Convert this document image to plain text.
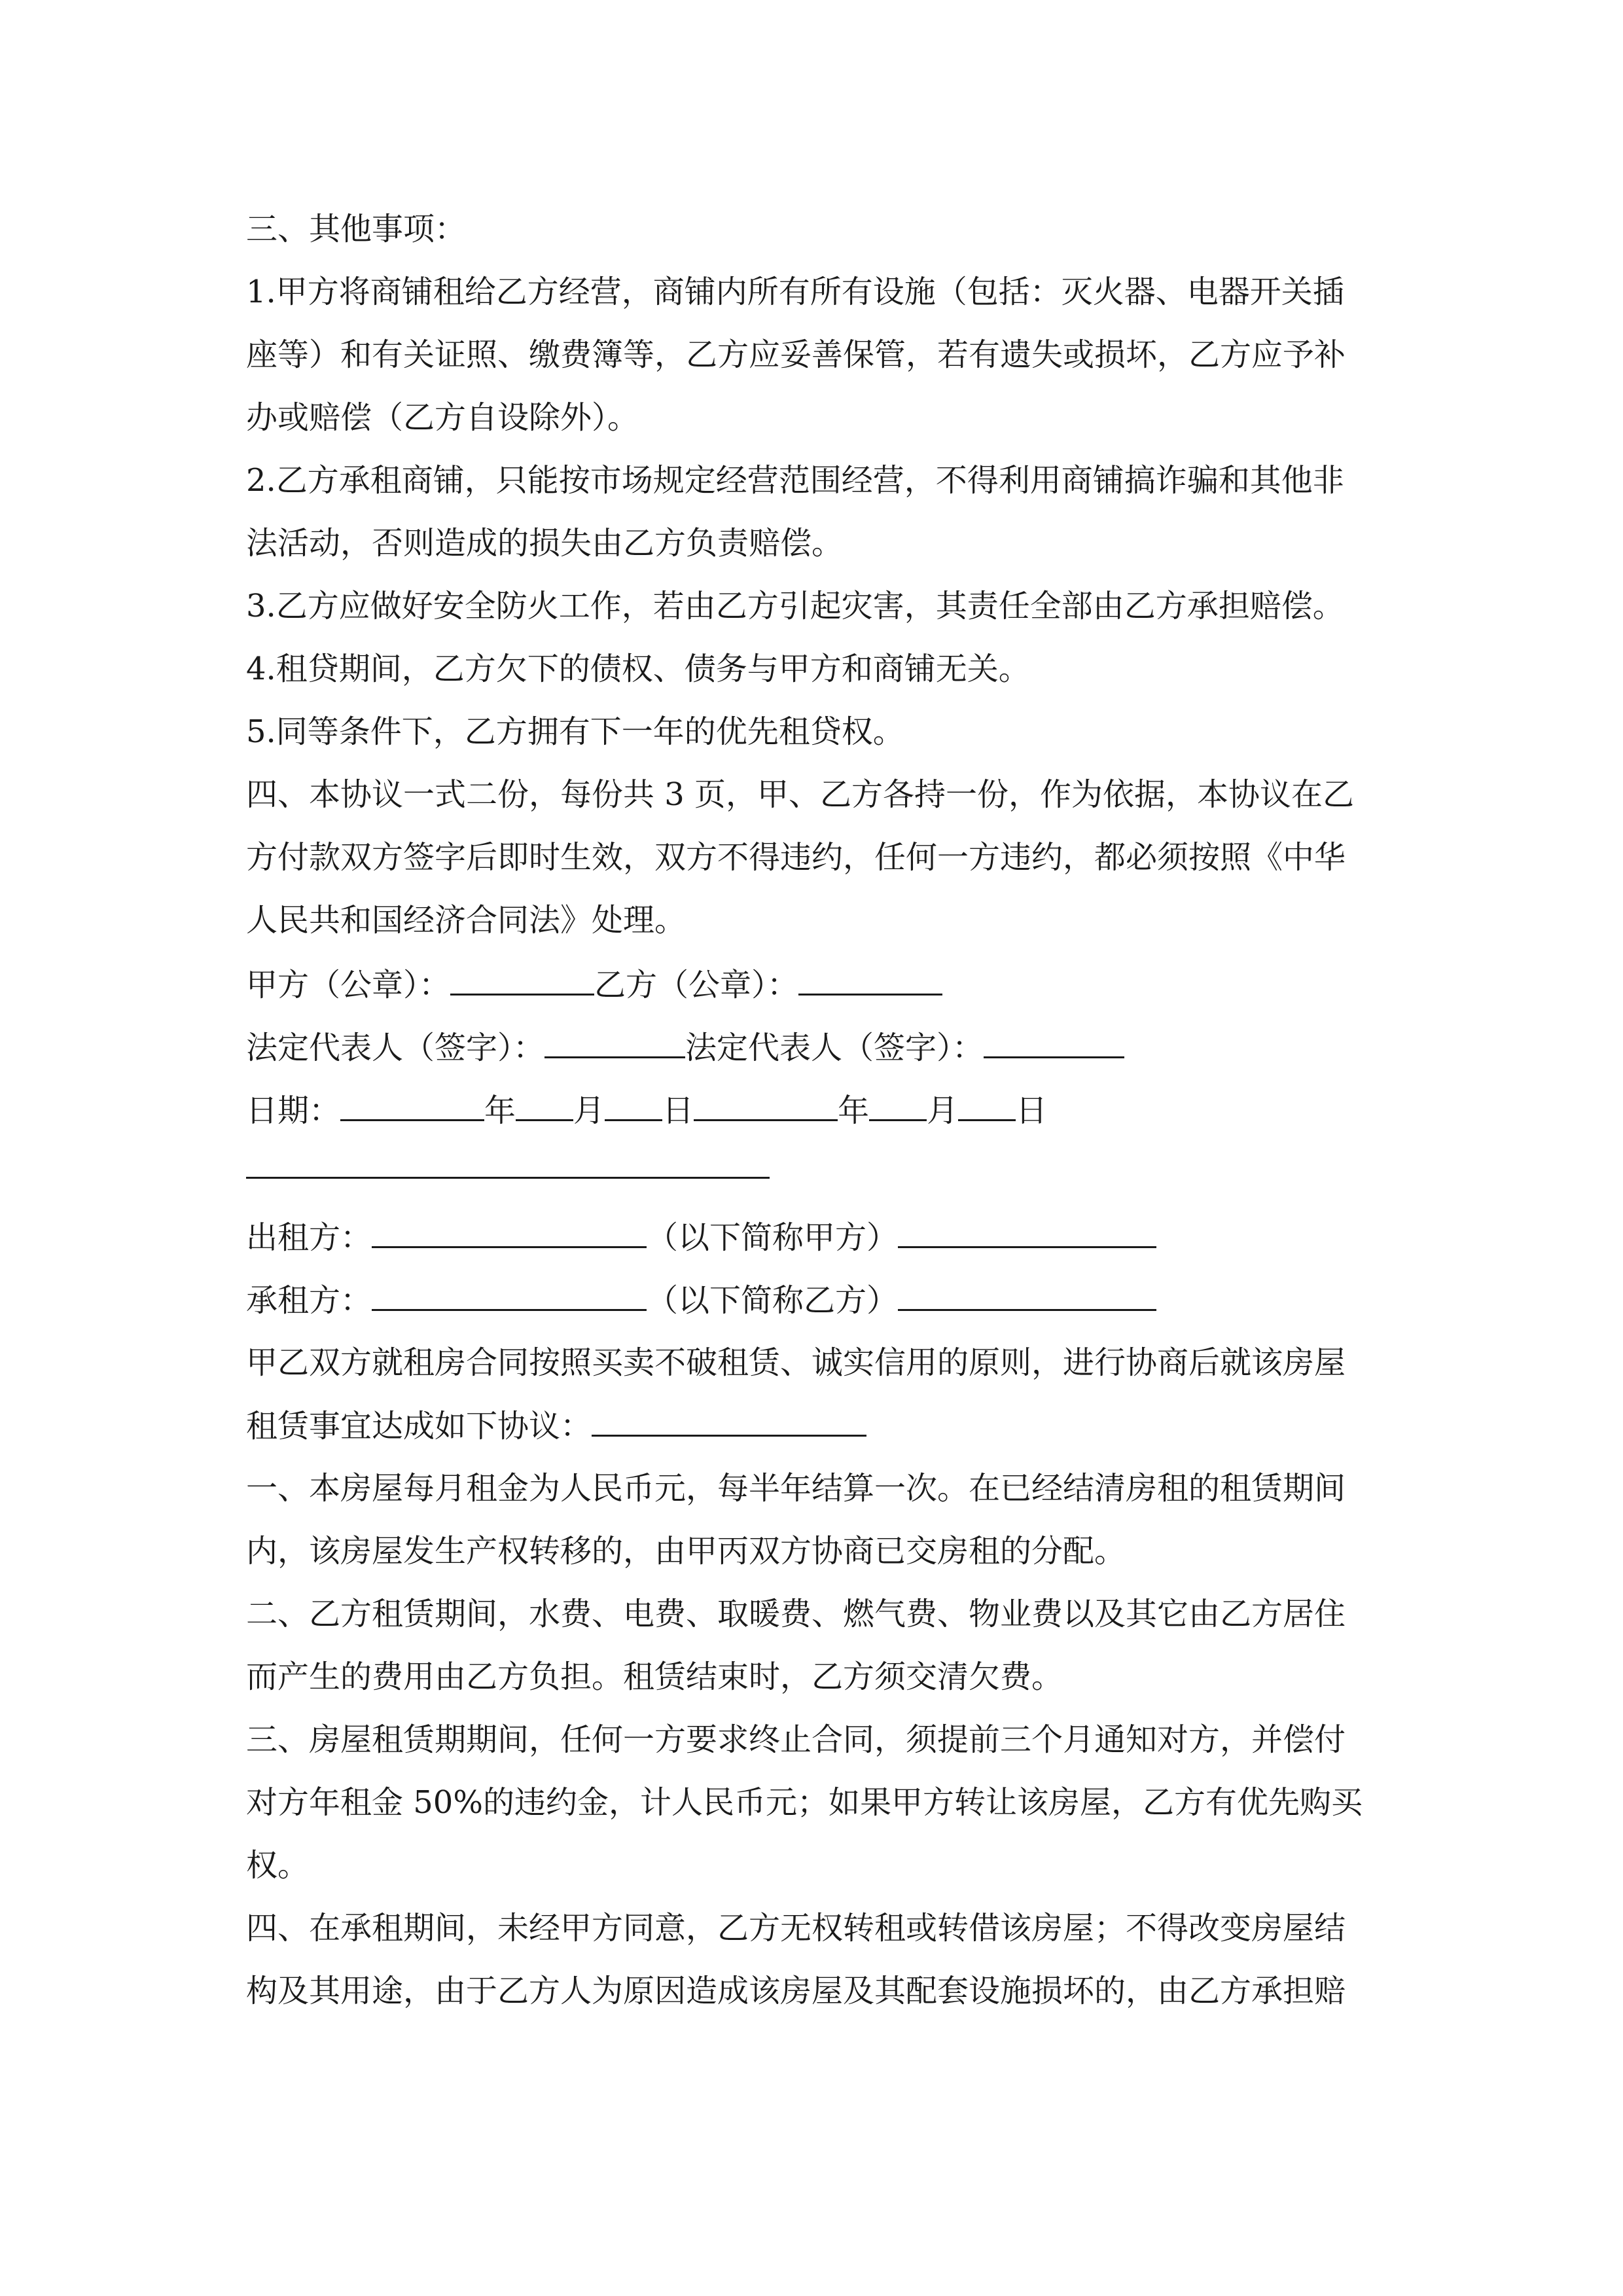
三、其他事项：
1.甲方将商铺租给乙方经营，商铺内所有所有设施（包括：灭火器、电器开关插
座等）和有关证照、缴费簿等，乙方应妥善保管，若有遗失或损坏，乙方应予补
办或赔偿（乙方自设除外）。
2.乙方承租商铺，只能按市场规定经营范围经营，不得利用商铺搞诈骗和其他非
法活动，否则造成的损失由乙方负责赔偿。
3.乙方应做好安全防火工作，若由乙方引起灾害，其责任全部由乙方承担赔偿。
4.租贷期间，乙方欠下的债权、债务与甲方和商铺无关。
5.同等条件下，乙方拥有下一年的优先租贷权。
四、本协议一式二份，每份共 3 页，甲、乙方各持一份，作为依据，本协议在乙
方付款双方签字后即时生效，双方不得违约，任何一方违约，都必须按照《中华
人民共和国经济合同法》处理。
甲方（公章）：	乙方（公章）：
法定代表人（签字）：	法定代表人（签字）：
日期：	年 月 日	年 月 日
出租方：	（以下简称甲方）
承租方：	（以下简称乙方）
甲乙双方就租房合同按照买卖不破租赁、诚实信用的原则，进行协商后就该房屋
租赁事宜达成如下协议：
一、本房屋每月租金为人民币元，每半年结算一次。在已经结清房租的租赁期间
内，该房屋发生产权转移的，由甲丙双方协商已交房租的分配。
二、乙方租赁期间，水费、电费、取暖费、燃气费、物业费以及其它由乙方居住
而产生的费用由乙方负担。租赁结束时，乙方须交清欠费。
三、房屋租赁期期间，任何一方要求终止合同，须提前三个月通知对方，并偿付
对方年租金 50%的违约金，计人民币元；如果甲方转让该房屋，乙方有优先购买
权。
四、在承租期间，未经甲方同意，乙方无权转租或转借该房屋；不得改变房屋结
构及其用途，由于乙方人为原因造成该房屋及其配套设施损坏的，由乙方承担赔
